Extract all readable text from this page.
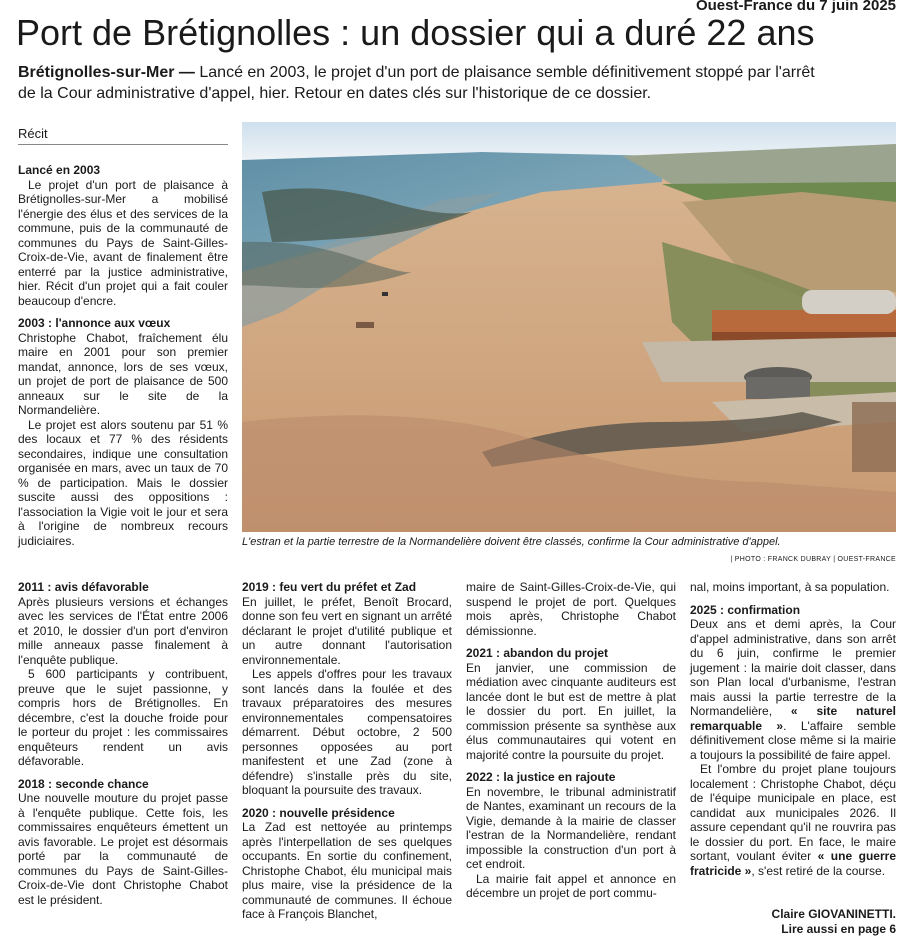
Ouest-France du 7 juin 2025
Port de Brétignolles : un dossier qui a duré 22 ans
Brétignolles-sur-Mer — Lancé en 2003, le projet d'un port de plaisance semble définitivement stoppé par l'arrêt de la Cour administrative d'appel, hier. Retour en dates clés sur l'historique de ce dossier.
Récit
Lancé en 2003

Le projet d'un port de plaisance à Brétignolles-sur-Mer a mobilisé l'énergie des élus et des services de la commune, puis de la communauté de communes du Pays de Saint-Gilles-Croix-de-Vie, avant de finalement être enterré par la justice administrative, hier. Récit d'un projet qui a fait couler beaucoup d'encre.

2003 : l'annonce aux vœux

Christophe Chabot, fraîchement élu maire en 2001 pour son premier mandat, annonce, lors de ses vœux, un projet de port de plaisance de 500 anneaux sur le site de la Normandelière.

Le projet est alors soutenu par 51 % des locaux et 77 % des résidents secondaires, indique une consultation organisée en mars, avec un taux de 70 % de participation. Mais le dossier suscite aussi des oppositions : l'association la Vigie voit le jour et sera à l'origine de nombreux recours judiciaires.	L'estran et la partie terrestre de la Normandelière doivent être classés, confirme la Cour administrative d'appel.
| PHOTO : FRANCK DUBRAY | OUEST-FRANCE
2011 : avis défavorable

Après plusieurs versions et échanges avec les services de l'État entre 2006 et 2010, le dossier d'un port d'environ mille anneaux passe finalement à l'enquête publique.

5 600 participants y contribuent, preuve que le sujet passionne, y compris hors de Brétignolles. En décembre, c'est la douche froide pour le porteur du projet : les commissaires enquêteurs rendent un avis défavorable.

2018 : seconde chance

Une nouvelle mouture du projet passe à l'enquête publique. Cette fois, les commissaires enquêteurs émettent un avis favorable. Le projet est désormais porté par la communauté de communes du Pays de Saint-Gilles-Croix-de-Vie dont Christophe Chabot est le président.

2019 : feu vert du préfet et Zad

En juillet, le préfet, Benoît Brocard, donne son feu vert en signant un arrêté déclarant le projet d'utilité publique et un autre donnant l'autorisation environnementale.

Les appels d'offres pour les travaux sont lancés dans la foulée et des travaux préparatoires des mesures environnementales compensatoires démarrent. Début octobre, 2 500 personnes opposées au port manifestent et une Zad (zone à défendre) s'installe près du site, bloquant la poursuite des travaux.

2020 : nouvelle présidence

La Zad est nettoyée au printemps après l'interpellation de ses quelques occupants. En sortie du confinement, Christophe Chabot, élu municipal mais plus maire, vise la présidence de la communauté de communes. Il échoue face à François Blanchet,

maire de Saint-Gilles-Croix-de-Vie, qui suspend le projet de port. Quelques mois après, Christophe Chabot démissionne.

2021 : abandon du projet

En janvier, une commission de médiation avec cinquante auditeurs est lancée dont le but est de mettre à plat le dossier du port. En juillet, la commission présente sa synthèse aux élus communautaires qui votent en majorité contre la poursuite du projet.

2022 : la justice en rajoute

En novembre, le tribunal administratif de Nantes, examinant un recours de la Vigie, demande à la mairie de classer l'estran de la Normandelière, rendant impossible la construction d'un port à cet endroit.

La mairie fait appel et annonce en décembre un projet de port commu-

nal, moins important, à sa population.

2025 : confirmation

Deux ans et demi après, la Cour d'appel administrative, dans son arrêt du 6 juin, confirme le premier jugement : la mairie doit classer, dans son Plan local d'urbanisme, l'estran mais aussi la partie terrestre de la Normandelière, « site naturel remarquable ». L'affaire semble définitivement close même si la mairie a toujours la possibilité de faire appel.

Et l'ombre du projet plane toujours localement : Christophe Chabot, déçu de l'équipe municipale en place, est candidat aux municipales 2026. Il assure cependant qu'il ne rouvrira pas le dossier du port. En face, le maire sortant, voulant éviter « une guerre fratricide », s'est retiré de la course.

Claire GIOVANINETTI.
Lire aussi en page 6
